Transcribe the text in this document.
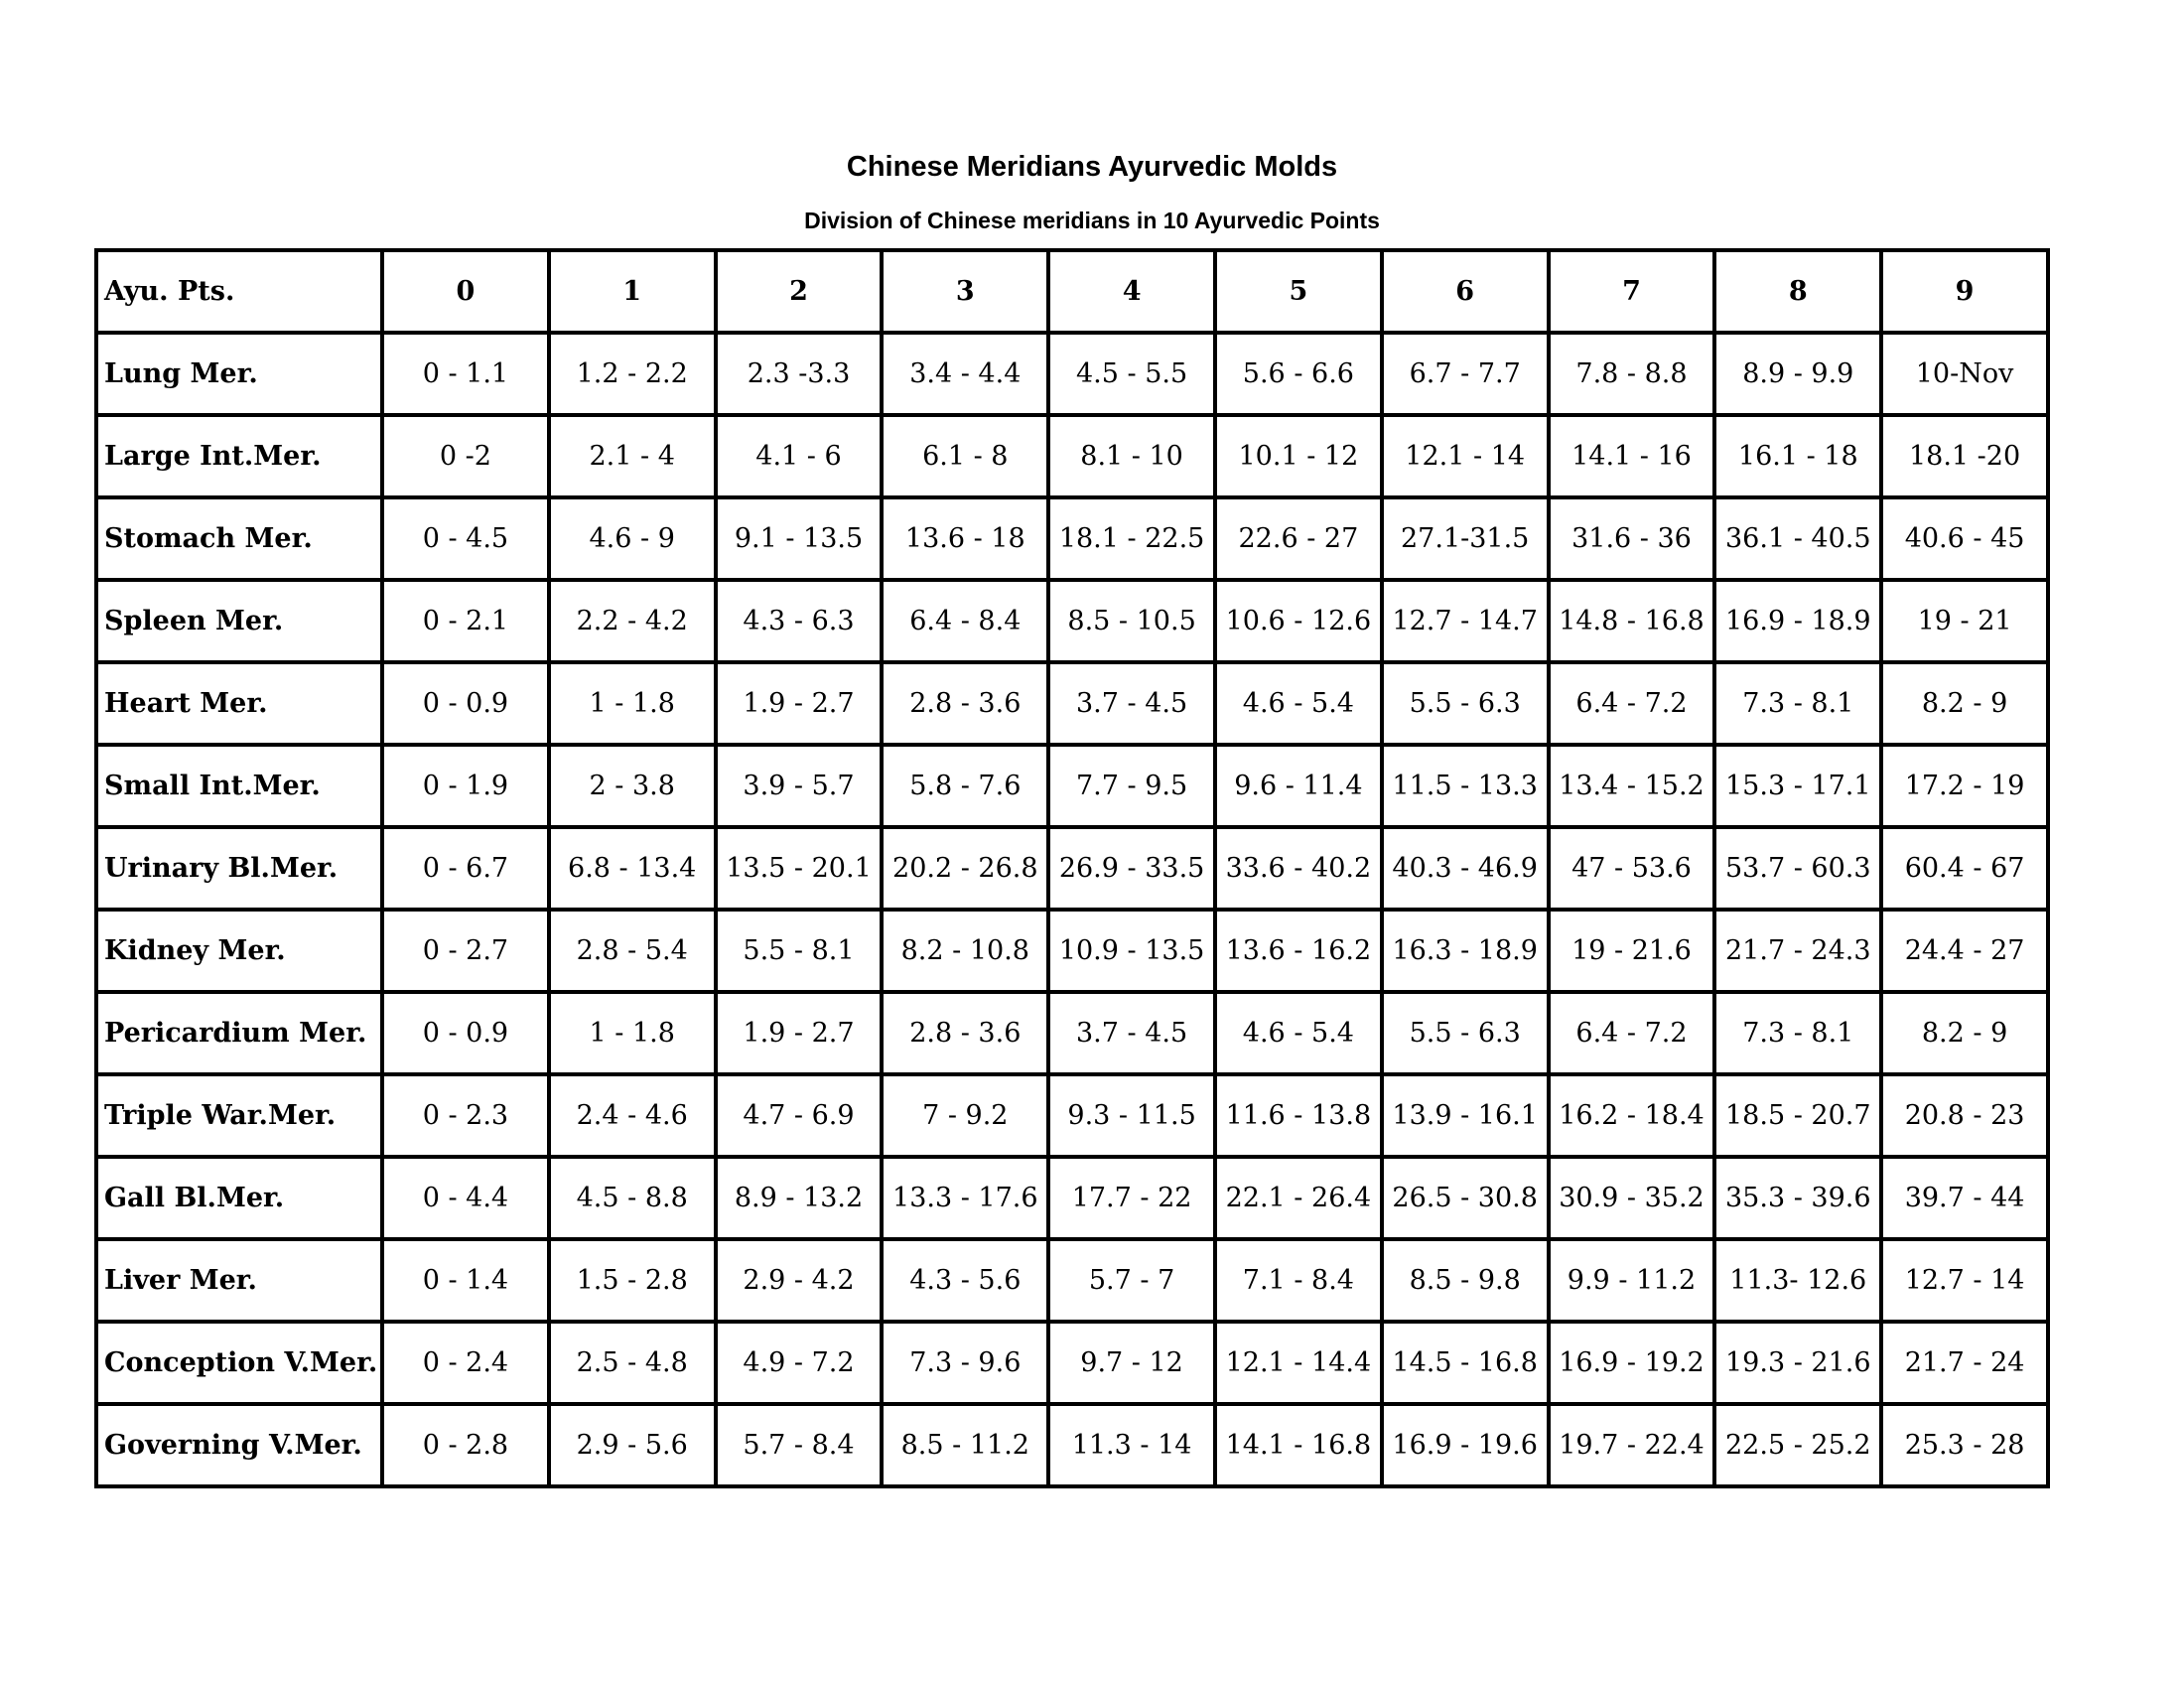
Chinese Meridians Ayurvedic Molds
Division of Chinese meridians in 10 Ayurvedic Points
Ayu. Pts.	0	1	2	3	4	5	6	7	8	9
Lung Mer.	0 - 1.1	1.2 - 2.2	2.3 -3.3	3.4 - 4.4	4.5 - 5.5	5.6 - 6.6	6.7 - 7.7	7.8 - 8.8	8.9 - 9.9	10-Nov
Large Int.Mer.	0 -2	2.1 - 4	4.1 - 6	6.1 - 8	8.1 - 10	10.1 - 12	12.1 - 14	14.1 - 16	16.1 - 18	18.1 -20
Stomach Mer.	0 - 4.5	4.6 - 9	9.1 - 13.5	13.6 - 18	18.1 - 22.5	22.6 - 27	27.1-31.5	31.6 - 36	36.1 - 40.5	40.6 - 45
Spleen Mer.	0 - 2.1	2.2 - 4.2	4.3 - 6.3	6.4 - 8.4	8.5 - 10.5	10.6 - 12.6	12.7 - 14.7	14.8 - 16.8	16.9 - 18.9	19 - 21
Heart Mer.	0 - 0.9	1 - 1.8	1.9 - 2.7	2.8 - 3.6	3.7 - 4.5	4.6 - 5.4	5.5 - 6.3	6.4 - 7.2	7.3 - 8.1	8.2 - 9
Small Int.Mer.	0 - 1.9	2 - 3.8	3.9 - 5.7	5.8 - 7.6	7.7 - 9.5	9.6 - 11.4	11.5 - 13.3	13.4 - 15.2	15.3 - 17.1	17.2 - 19
Urinary Bl.Mer.	0 - 6.7	6.8 - 13.4	13.5 - 20.1	20.2 - 26.8	26.9 - 33.5	33.6 - 40.2	40.3 - 46.9	47 - 53.6	53.7 - 60.3	60.4 - 67
Kidney Mer.	0 - 2.7	2.8 - 5.4	5.5 - 8.1	8.2 - 10.8	10.9 - 13.5	13.6 - 16.2	16.3 - 18.9	19 - 21.6	21.7 - 24.3	24.4 - 27
Pericardium Mer.	0 - 0.9	1 - 1.8	1.9 - 2.7	2.8 - 3.6	3.7 - 4.5	4.6 - 5.4	5.5 - 6.3	6.4 - 7.2	7.3 - 8.1	8.2 - 9
Triple War.Mer.	0 - 2.3	2.4 - 4.6	4.7 - 6.9	7 - 9.2	9.3 - 11.5	11.6 - 13.8	13.9 - 16.1	16.2 - 18.4	18.5 - 20.7	20.8 - 23
Gall Bl.Mer.	0 - 4.4	4.5 - 8.8	8.9 - 13.2	13.3 - 17.6	17.7 - 22	22.1 - 26.4	26.5 - 30.8	30.9 - 35.2	35.3 - 39.6	39.7 - 44
Liver Mer.	0 - 1.4	1.5 - 2.8	2.9 - 4.2	4.3 - 5.6	5.7 - 7	7.1 - 8.4	8.5 - 9.8	9.9 - 11.2	11.3- 12.6	12.7 - 14
Conception V.Mer.	0 - 2.4	2.5 - 4.8	4.9 - 7.2	7.3 - 9.6	9.7 - 12	12.1 - 14.4	14.5 - 16.8	16.9 - 19.2	19.3 - 21.6	21.7 - 24
Governing V.Mer.	0 - 2.8	2.9 - 5.6	5.7 - 8.4	8.5 - 11.2	11.3 - 14	14.1 - 16.8	16.9 - 19.6	19.7 - 22.4	22.5 - 25.2	25.3 - 28
